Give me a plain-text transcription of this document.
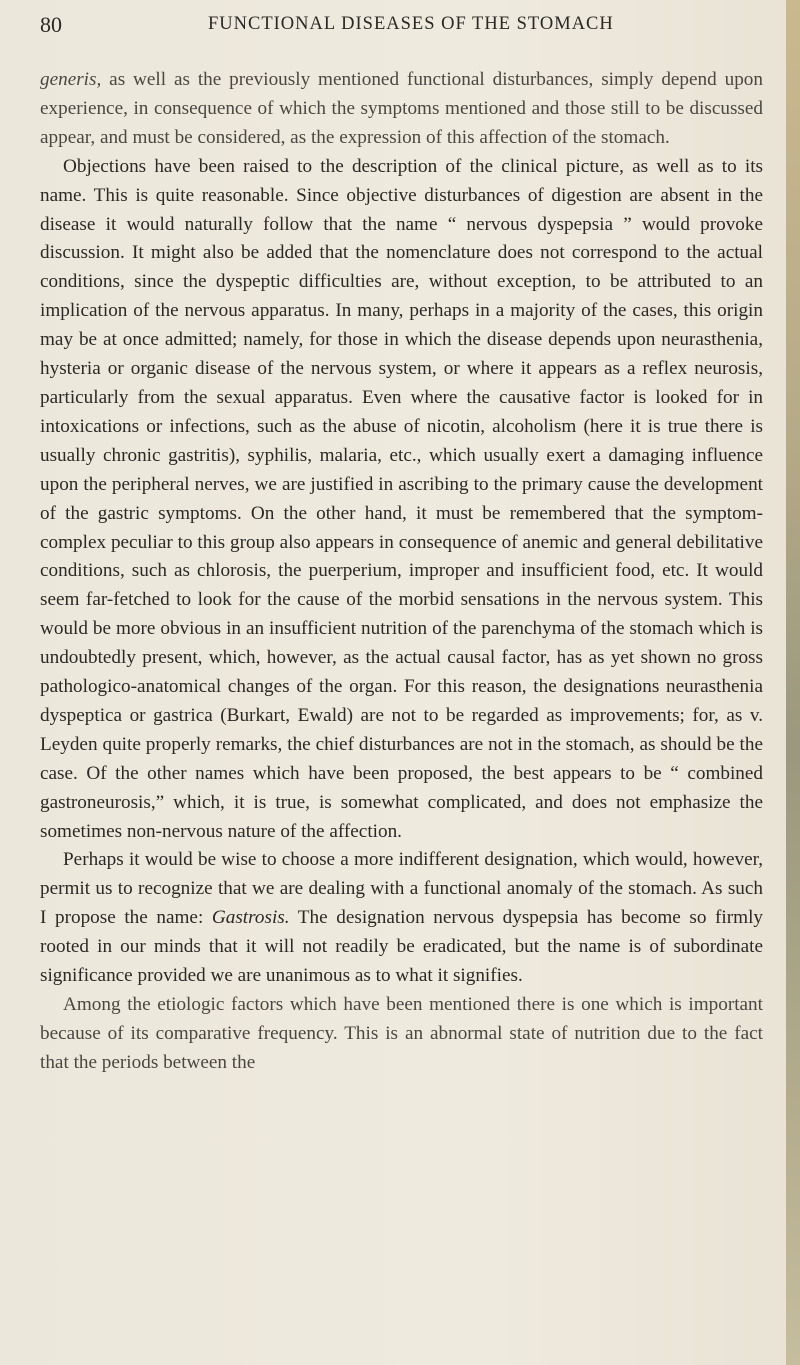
80	FUNCTIONAL DISEASES OF THE STOMACH

generis, as well as the previously mentioned functional disturbances, simply depend upon experience, in consequence of which the symptoms mentioned and those still to be discussed appear, and must be considered, as the expression of this affection of the stomach.

Objections have been raised to the description of the clinical picture, as well as to its name. This is quite reasonable. Since objective disturbances of digestion are absent in the disease it would naturally follow that the name “ nervous dyspepsia ” would provoke discussion. It might also be added that the nomenclature does not correspond to the actual conditions, since the dyspeptic difficulties are, without exception, to be attributed to an implication of the nervous apparatus. In many, perhaps in a majority of the cases, this origin may be at once admitted; namely, for those in which the disease depends upon neurasthenia, hysteria or organic disease of the nervous system, or where it appears as a reflex neurosis, particularly from the sexual apparatus. Even where the causative factor is looked for in intoxications or infections, such as the abuse of nicotin, alcoholism (here it is true there is usually chronic gastritis), syphilis, malaria, etc., which usually exert a damaging influence upon the peripheral nerves, we are justified in ascribing to the primary cause the development of the gastric symptoms. On the other hand, it must be remembered that the symptom-complex peculiar to this group also appears in consequence of anemic and general debilitative conditions, such as chlorosis, the puerperium, improper and insufficient food, etc. It would seem far-fetched to look for the cause of the morbid sensations in the nervous system. This would be more obvious in an insufficient nutrition of the parenchyma of the stomach which is undoubtedly present, which, however, as the actual causal factor, has as yet shown no gross pathologico-anatomical changes of the organ. For this reason, the designations neurasthenia dyspeptica or gastrica (Burkart, Ewald) are not to be regarded as improvements; for, as v. Leyden quite properly remarks, the chief disturbances are not in the stomach, as should be the case. Of the other names which have been proposed, the best appears to be “ combined gastroneurosis,” which, it is true, is somewhat complicated, and does not emphasize the sometimes non-nervous nature of the affection.

Perhaps it would be wise to choose a more indifferent designation, which would, however, permit us to recognize that we are dealing with a functional anomaly of the stomach. As such I propose the name: Gastrosis. The designation nervous dyspepsia has become so firmly rooted in our minds that it will not readily be eradicated, but the name is of subordinate significance provided we are unanimous as to what it signifies.

Among the etiologic factors which have been mentioned there is one which is important because of its comparative frequency. This is an abnormal state of nutrition due to the fact that the periods between the
